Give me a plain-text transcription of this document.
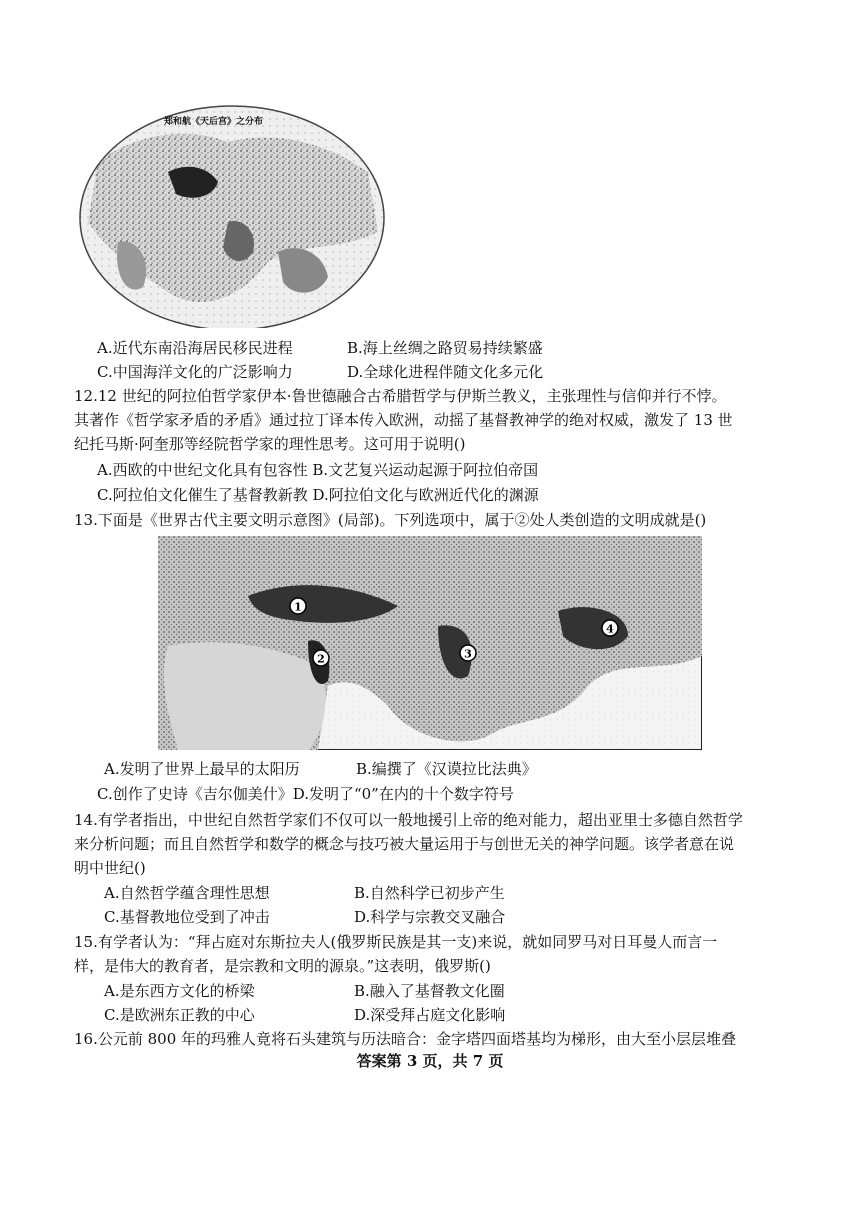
郑和航《天后宫》之分布
A.近代东南沿海居民移民进程	B.海上丝绸之路贸易持续繁盛
C.中国海洋文化的广泛影响力	D.全球化进程伴随文化多元化
12.12 世纪的阿拉伯哲学家伊本·鲁世德融合古希腊哲学与伊斯兰教义，主张理性与信仰并行不悖。
其著作《哲学家矛盾的矛盾》通过拉丁译本传入欧洲，动摇了基督教神学的绝对权威，激发了 13 世
纪托马斯·阿奎那等经院哲学家的理性思考。这可用于说明()
A.西欧的中世纪文化具有包容性 B.文艺复兴运动起源于阿拉伯帝国
C.阿拉伯文化催生了基督教新教 D.阿拉伯文化与欧洲近代化的渊源
13.下面是《世界古代主要文明示意图》(局部)。下列选项中，属于②处人类创造的文明成就是()
1
2	3
4
A.发明了世界上最早的太阳历	B.编撰了《汉谟拉比法典》
C.创作了史诗《吉尔伽美什》D.发明了“0”在内的十个数字符号
14.有学者指出，中世纪自然哲学家们不仅可以一般地援引上帝的绝对能力，超出亚里士多德自然哲学
来分析问题；而且自然哲学和数学的概念与技巧被大量运用于与创世无关的神学问题。该学者意在说
明中世纪()
A.自然哲学蕴含理性思想	B.自然科学已初步产生
C.基督教地位受到了冲击	D.科学与宗教交叉融合
15.有学者认为：“拜占庭对东斯拉夫人(俄罗斯民族是其一支)来说，就如同罗马对日耳曼人而言一
样，是伟大的教育者，是宗教和文明的源泉。”这表明，俄罗斯()
A.是东西方文化的桥梁	B.融入了基督教文化圈
C.是欧洲东正教的中心	D.深受拜占庭文化影响
16.公元前 800 年的玛雅人竟将石头建筑与历法暗合：金字塔四面塔基均为梯形，由大至小层层堆叠
答案第 3 页，共 7 页
